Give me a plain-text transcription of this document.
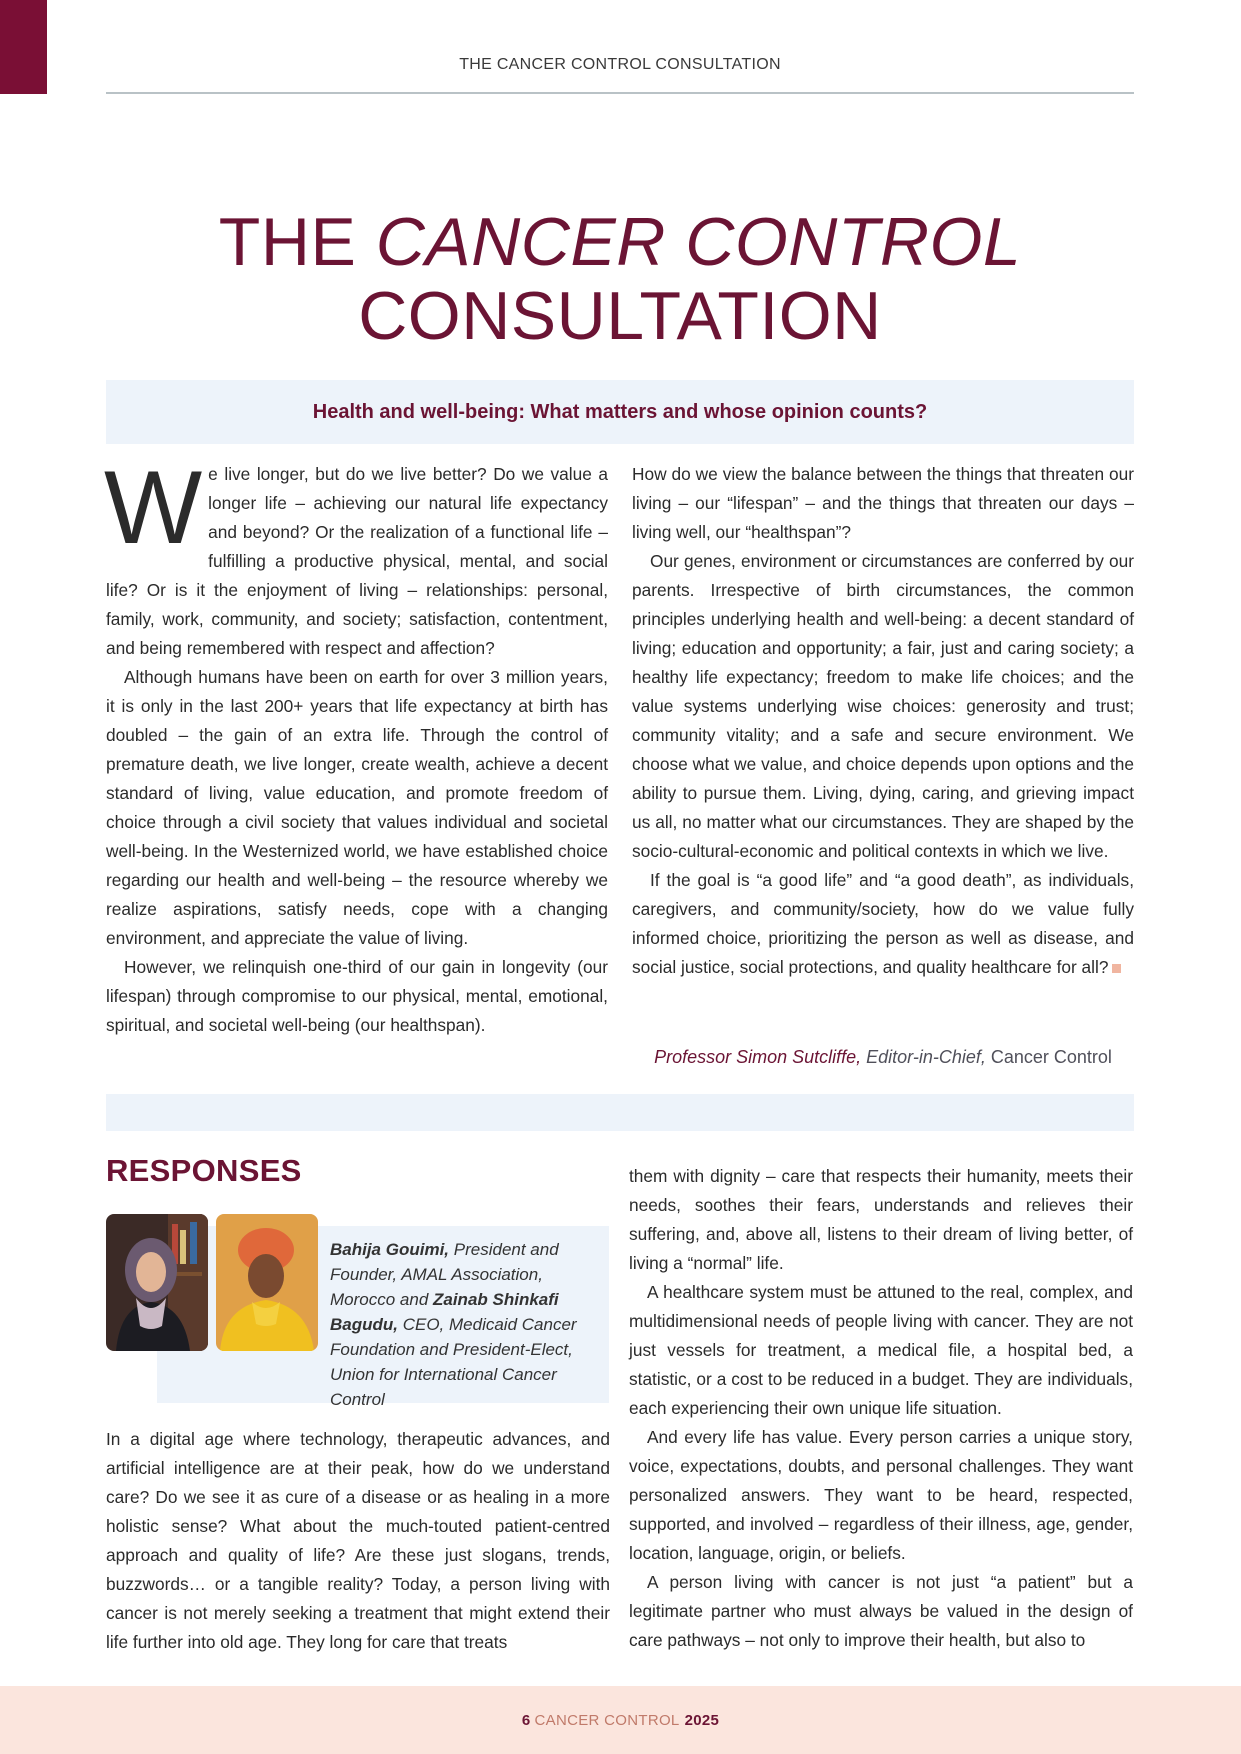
THE CANCER CONTROL CONSULTATION
THE CANCER CONTROL
CONSULTATION
Health and well-being: What matters and whose opinion counts?

We live longer, but do we live better? Do we value a longer life – achieving our natural life expectancy and beyond? Or the realization of a functional life – fulfilling a productive physical, mental, and social life? Or is it the enjoyment of living – relationships: personal, family, work, community, and society; satisfaction, contentment, and being remembered with respect and affection?

Although humans have been on earth for over 3 million years, it is only in the last 200+ years that life expectancy at birth has doubled – the gain of an extra life. Through the control of premature death, we live longer, create wealth, achieve a decent standard of living, value education, and promote freedom of choice through a civil society that values individual and societal well-being. In the Westernized world, we have established choice regarding our health and well-being – the resource whereby we realize aspirations, satisfy needs, cope with a changing environment, and appreciate the value of living.

However, we relinquish one-third of our gain in longevity (our lifespan) through compromise to our physical, mental, emotional, spiritual, and societal well-being (our healthspan).

How do we view the balance between the things that threaten our living – our “lifespan” – and the things that threaten our days – living well, our “healthspan”?

Our genes, environment or circumstances are conferred by our parents. Irrespective of birth circumstances, the common principles underlying health and well-being: a decent standard of living; education and opportunity; a fair, just and caring society; a healthy life expectancy; freedom to make life choices; and the value systems underlying wise choices: generosity and trust; community vitality; and a safe and secure environment. We choose what we value, and choice depends upon options and the ability to pursue them. Living, dying, caring, and grieving impact us all, no matter what our circumstances. They are shaped by the socio-cultural-economic and political contexts in which we live.

If the goal is “a good life” and “a good death”, as individuals, caregivers, and community/society, how do we value fully informed choice, prioritizing the person as well as disease, and social justice, social protections, and quality healthcare for all?

Professor Simon Sutcliffe, Editor-in-Chief, Cancer Control
RESPONSES
Bahija Gouimi, President and Founder, AMAL Association, Morocco and Zainab Shinkafi Bagudu, CEO, Medicaid Cancer Foundation and President-Elect, Union for International Cancer Control

In a digital age where technology, therapeutic advances, and artificial intelligence are at their peak, how do we understand care? Do we see it as cure of a disease or as healing in a more holistic sense? What about the much-touted patient-centred approach and quality of life? Are these just slogans, trends, buzzwords… or a tangible reality? Today, a person living with cancer is not merely seeking a treatment that might extend their life further into old age. They long for care that treats

them with dignity – care that respects their humanity, meets their needs, soothes their fears, understands and relieves their suffering, and, above all, listens to their dream of living better, of living a “normal” life.

A healthcare system must be attuned to the real, complex, and multidimensional needs of people living with cancer. They are not just vessels for treatment, a medical file, a hospital bed, a statistic, or a cost to be reduced in a budget. They are individuals, each experiencing their own unique life situation.

And every life has value. Every person carries a unique story, voice, expectations, doubts, and personal challenges. They want personalized answers. They want to be heard, respected, supported, and involved – regardless of their illness, age, gender, location, language, origin, or beliefs.

A person living with cancer is not just “a patient” but a legitimate partner who must always be valued in the design of care pathways – not only to improve their health, but also to

6 CANCER CONTROL 2025
